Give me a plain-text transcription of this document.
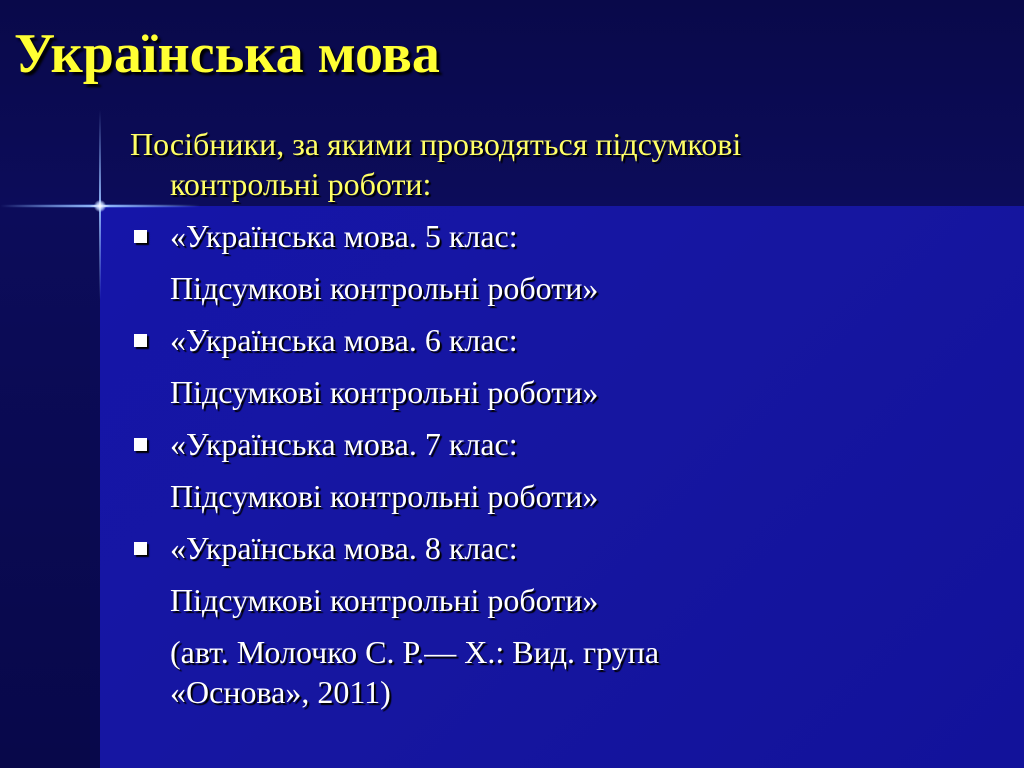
Українська мова

Посібники, за якими проводяться підсумкові
контрольні роботи:

«Українська мова. 5 клас:
Підсумкові контрольні роботи»
«Українська мова. 6 клас:
Підсумкові контрольні роботи»
«Українська мова. 7 клас:
Підсумкові контрольні роботи»
«Українська мова. 8 клас:
Підсумкові контрольні роботи»
(авт. Молочко С. Р.— Х.: Вид. група
«Основа», 2011)
